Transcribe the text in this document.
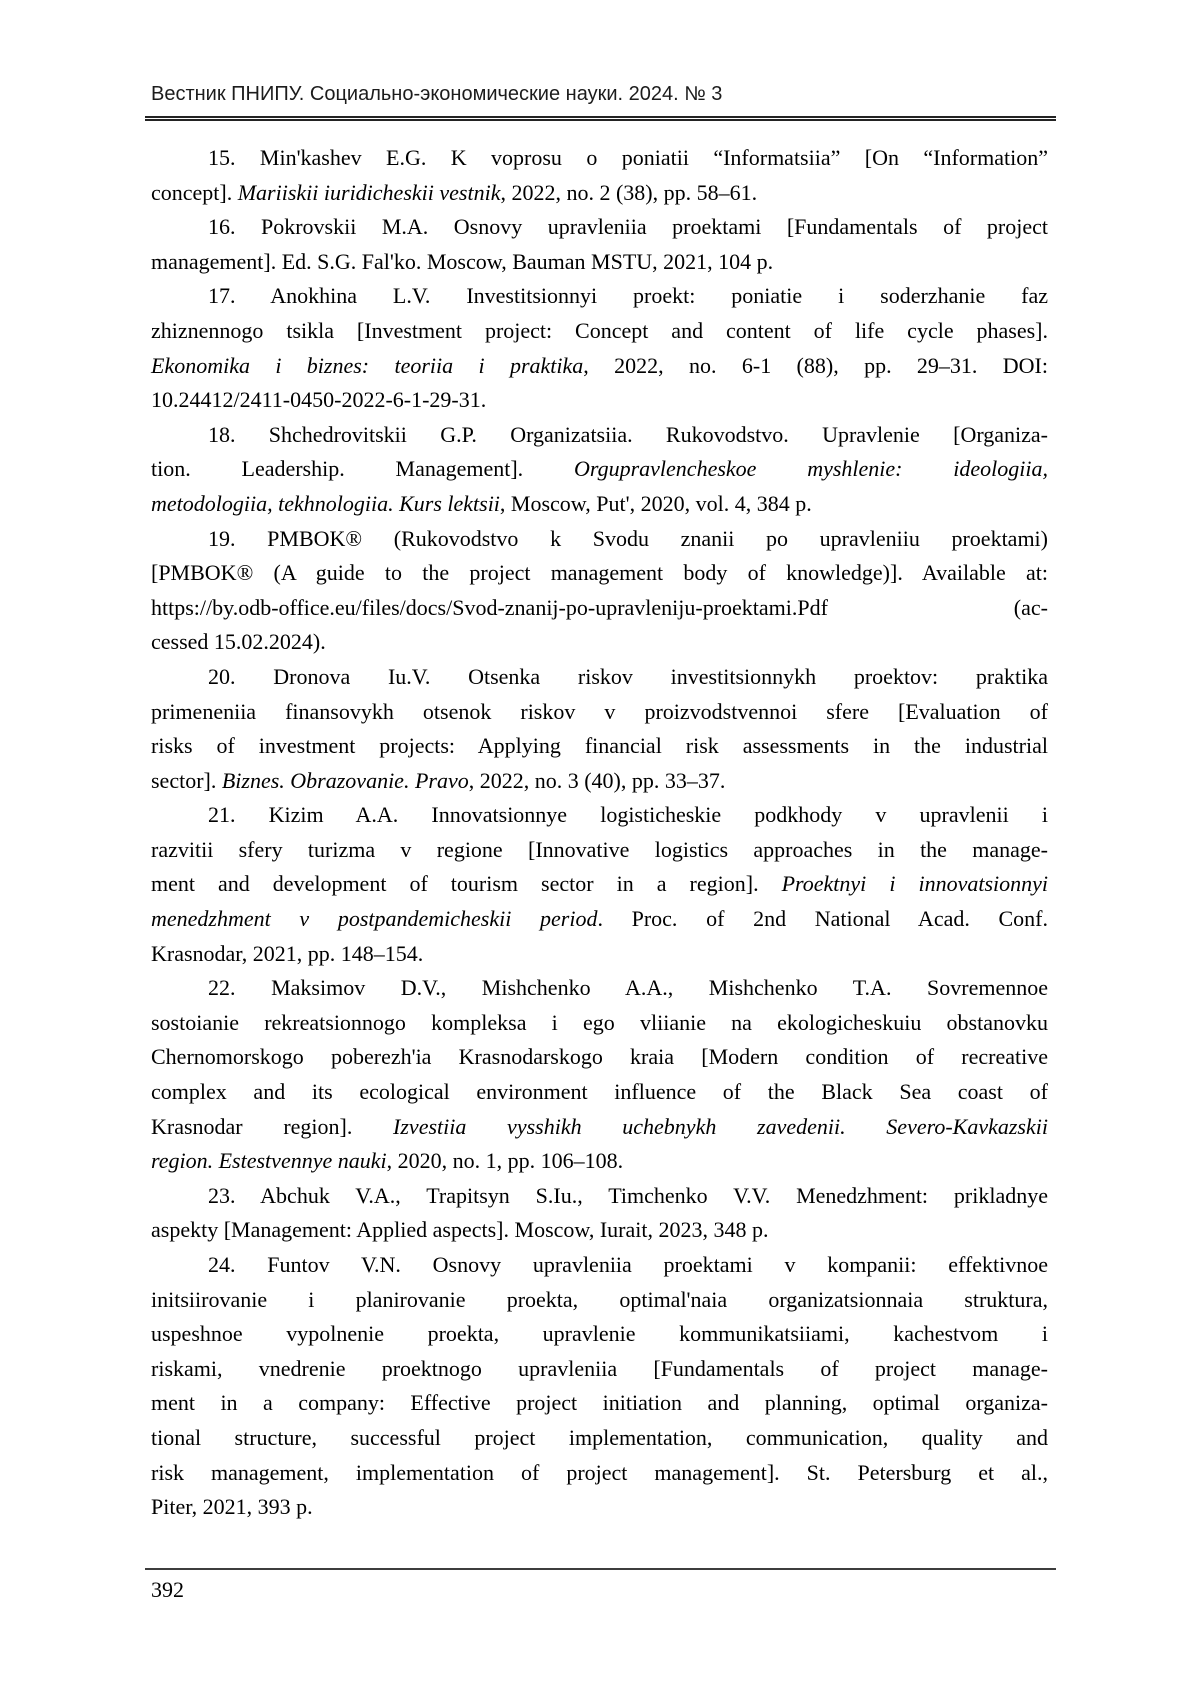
Вестник ПНИПУ. Социально-экономические науки. 2024. № 3
15. Min'kashev E.G. K voprosu o poniatii “Informatsiia” [On “Information”
concept]. Mariiskii iuridicheskii vestnik, 2022, no. 2 (38), pp. 58–61.
16. Pokrovskii M.A. Osnovy upravleniia proektami [Fundamentals of project
management]. Ed. S.G. Fal'ko. Moscow, Bauman MSTU, 2021, 104 p.
17. Anokhina L.V. Investitsionnyi proekt: poniatie i soderzhanie faz
zhiznennogo tsikla [Investment project: Concept and content of life cycle phases].
Ekonomika i biznes: teoriia i praktika, 2022, no. 6-1 (88), pp. 29–31. DOI:
10.24412/2411-0450-2022-6-1-29-31.
18. Shchedrovitskii G.P. Organizatsiia. Rukovodstvo. Upravlenie [Organiza-
tion. Leadership. Management]. Orgupravlencheskoe myshlenie: ideologiia,
metodologiia, tekhnologiia. Kurs lektsii, Moscow, Put', 2020, vol. 4, 384 p.
19. PMBOK® (Rukovodstvo k Svodu znanii po upravleniiu proektami)
[PMBOK® (A guide to the project management body of knowledge)]. Available at:
https://by.odb-office.eu/files/docs/Svod-znanij-po-upravleniju-proektami.Pdf (ac-
cessed 15.02.2024).
20. Dronova Iu.V. Otsenka riskov investitsionnykh proektov: praktika
primeneniia finansovykh otsenok riskov v proizvodstvennoi sfere [Evaluation of
risks of investment projects: Applying financial risk assessments in the industrial
sector]. Biznes. Obrazovanie. Pravo, 2022, no. 3 (40), pp. 33–37.
21. Kizim A.A. Innovatsionnye logisticheskie podkhody v upravlenii i
razvitii sfery turizma v regione [Innovative logistics approaches in the manage-
ment and development of tourism sector in a region]. Proektnyi i innovatsionnyi
menedzhment v postpandemicheskii period. Proc. of 2nd National Acad. Conf.
Krasnodar, 2021, pp. 148–154.
22. Maksimov D.V., Mishchenko A.A., Mishchenko T.A. Sovremennoe
sostoianie rekreatsionnogo kompleksa i ego vliianie na ekologicheskuiu obstanovku
Chernomorskogo poberezh'ia Krasnodarskogo kraia [Modern condition of recreative
complex and its ecological environment influence of the Black Sea coast of
Krasnodar region]. Izvestiia vysshikh uchebnykh zavedenii. Severo-Kavkazskii
region. Estestvennye nauki, 2020, no. 1, pp. 106–108.
23. Abchuk V.A., Trapitsyn S.Iu., Timchenko V.V. Menedzhment: prikladnye
aspekty [Management: Applied aspects]. Moscow, Iurait, 2023, 348 p.
24. Funtov V.N. Osnovy upravleniia proektami v kompanii: effektivnoe
initsiirovanie i planirovanie proekta, optimal'naia organizatsionnaia struktura,
uspeshnoe vypolnenie proekta, upravlenie kommunikatsiiami, kachestvom i
riskami, vnedrenie proektnogo upravleniia [Fundamentals of project manage-
ment in a company: Effective project initiation and planning, optimal organiza-
tional structure, successful project implementation, communication, quality and
risk management, implementation of project management]. St. Petersburg et al.,
Piter, 2021, 393 p.
392
